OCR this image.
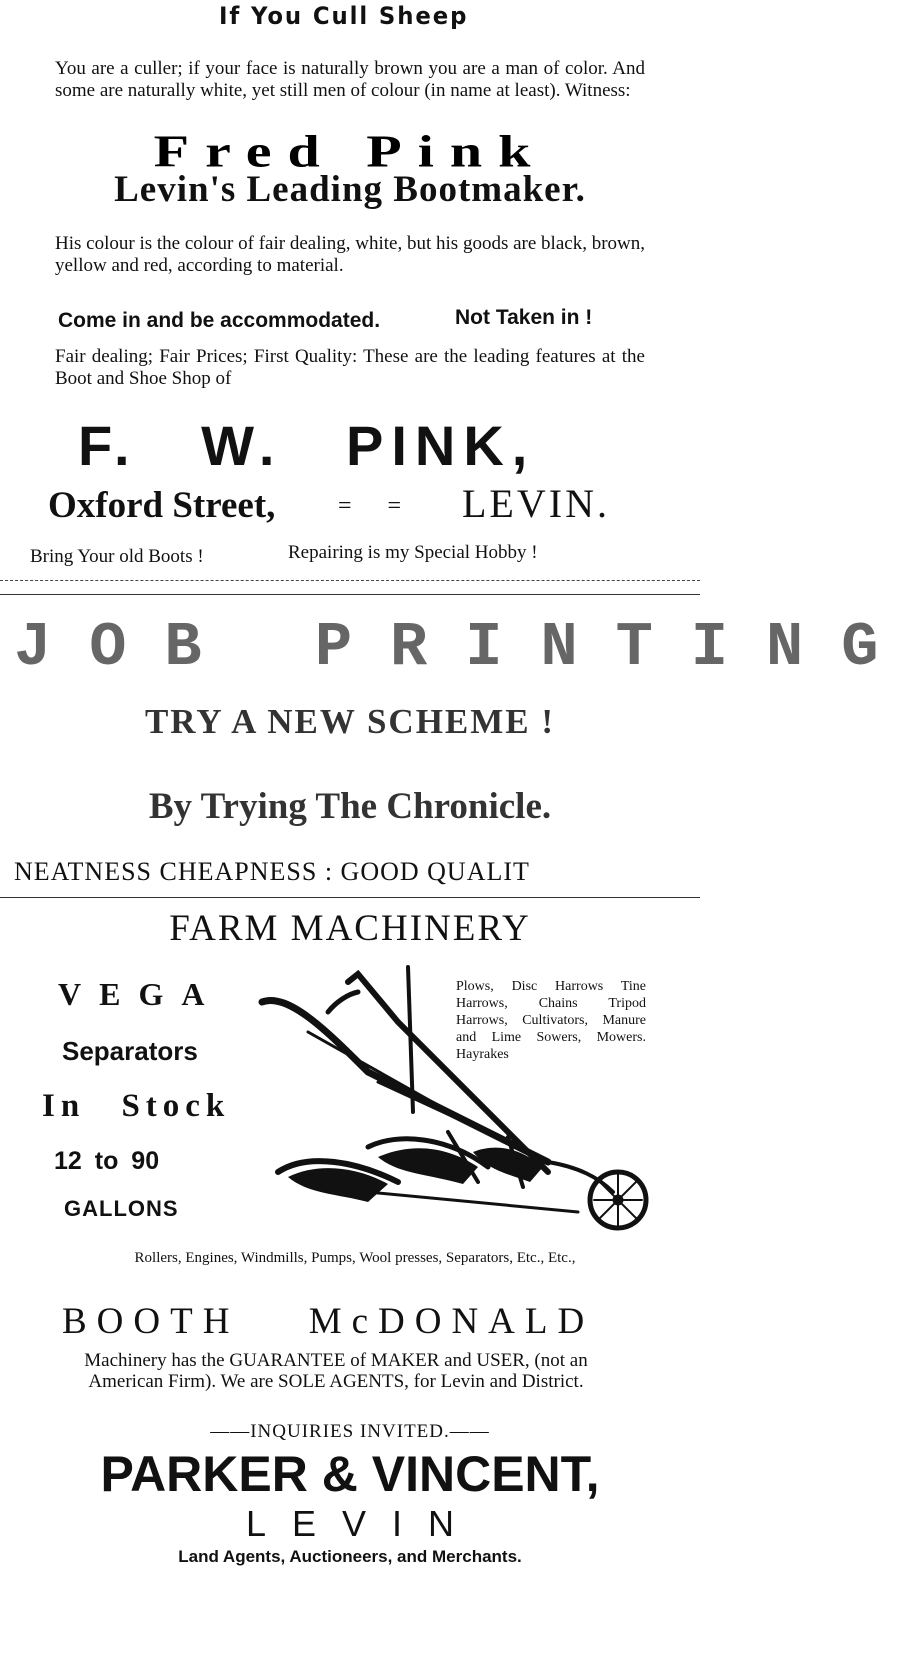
If You Cull Sheep
You are a culler; if your face is naturally brown you are a man of color. And some are naturally white, yet still men of colour (in name at least). Witness:
Fred Pink
Levin's Leading Bootmaker.
His colour is the colour of fair dealing, white, but his goods are black, brown, yellow and red, according to material.
Come in and be accommodated.	Not Taken in !
Fair dealing; Fair Prices; First Quality: These are the leading features at the Boot and Shoe Shop of
F. W. PINK,
Oxford Street,	= = LEVIN.
Bring Your old Boots !	Repairing is my Special Hobby !
JOB PRINTING
TRY A NEW SCHEME !
By Trying The Chronicle.
NEATNESS CHEAPNESS : GOOD QUALIT
FARM MACHINERY
VEGA
Separators
In Stock
12 to 90
GALLONS
Plows, Disc Harrows Tine Harrows, Chains Tripod Harrows, Cultivators, Manure and Lime Sowers, Mowers. Hayrakes
Rollers, Engines, Windmills, Pumps, Wool presses, Separators, Etc., Etc.,
BOOTH McDONALD
Machinery has the GUARANTEE of MAKER and USER, (not an American Firm). We are SOLE AGENTS, for Levin and District.
——INQUIRIES INVITED.——
PARKER & VINCENT,
LEVIN
Land Agents, Auctioneers, and Merchants.
